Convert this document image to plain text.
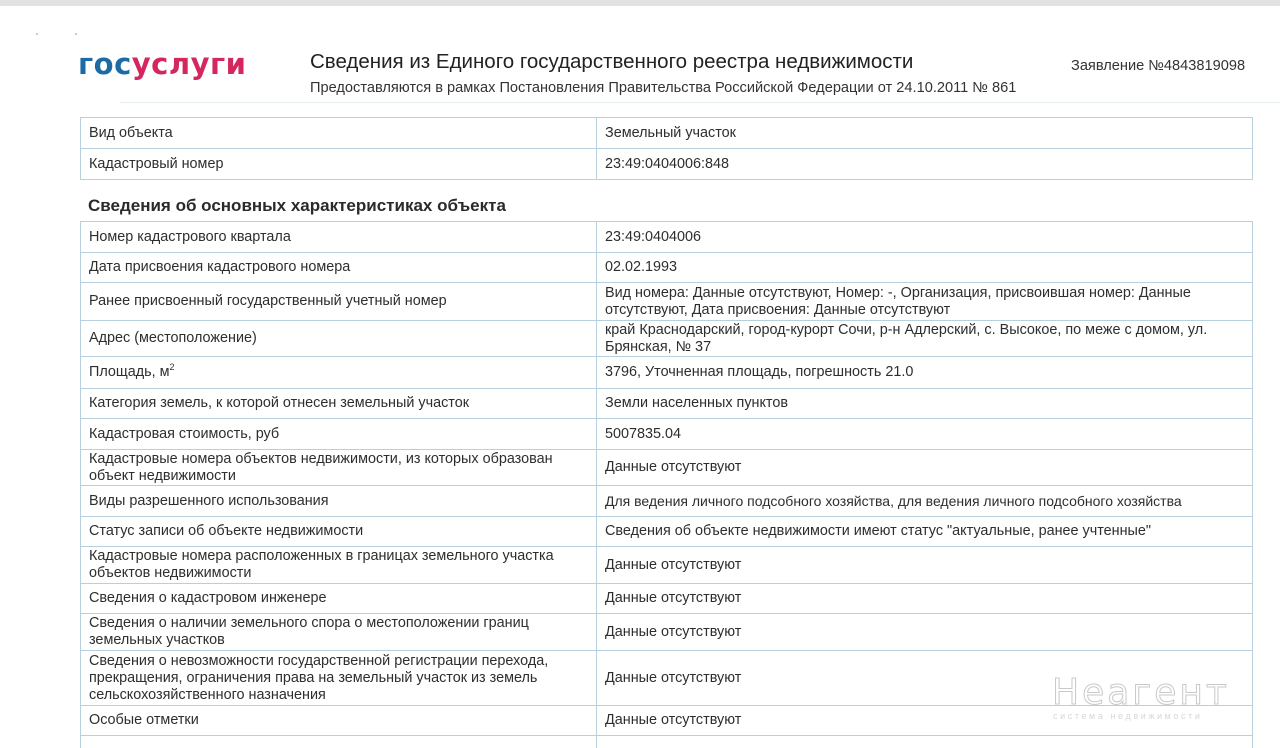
госуслуги	Сведения из Единого государственного реестра недвижимости
Предоставляются в рамках Постановления Правительства Российской Федерации от 24.10.2011 № 861
Заявление №4843819098
Вид объекта	Земельный участок
Кадастровый номер	23:49:0404006:848
Сведения об основных характеристиках объекта
Номер кадастрового квартала	23:49:0404006
Дата присвоения кадастрового номера	02.02.1993
Ранее присвоенный государственный учетный номер	Вид номера: Данные отсутствуют, Номер: -, Организация, присвоившая номер: Данные отсутствуют, Дата присвоения: Данные отсутствуют
Адрес (местоположение)	край Краснодарский, город-курорт Сочи, р-н Адлерский, с. Высокое, по меже с домом, ул. Брянская, № 37
Площадь, $м^2$	3796, Уточненная площадь, погрешность 21.0
Категория земель, к которой отнесен земельный участок	Земли населенных пунктов
Кадастровая стоимость, руб	5007835.04
Кадастровые номера объектов недвижимости, из которых образован объект недвижимости	Данные отсутствуют
Виды разрешенного использования	Для ведения личного подсобного хозяйства, для ведения личного подсобного хозяйства
Статус записи об объекте недвижимости	Сведения об объекте недвижимости имеют статус "актуальные, ранее учтенные"
Кадастровые номера расположенных в границах земельного участка объектов недвижимости	Данные отсутствуют
Сведения о кадастровом инженере	Данные отсутствуют
Сведения о наличии земельного спора о местоположении границ земельных участков	Данные отсутствуют
Сведения о невозможности государственной регистрации перехода, прекращения, ограничения права на земельный участок из земель сельскохозяйственного назначения	Данные отсутствуют
Особые отметки	Данные отсутствуют

Неагент
система недвижимости
